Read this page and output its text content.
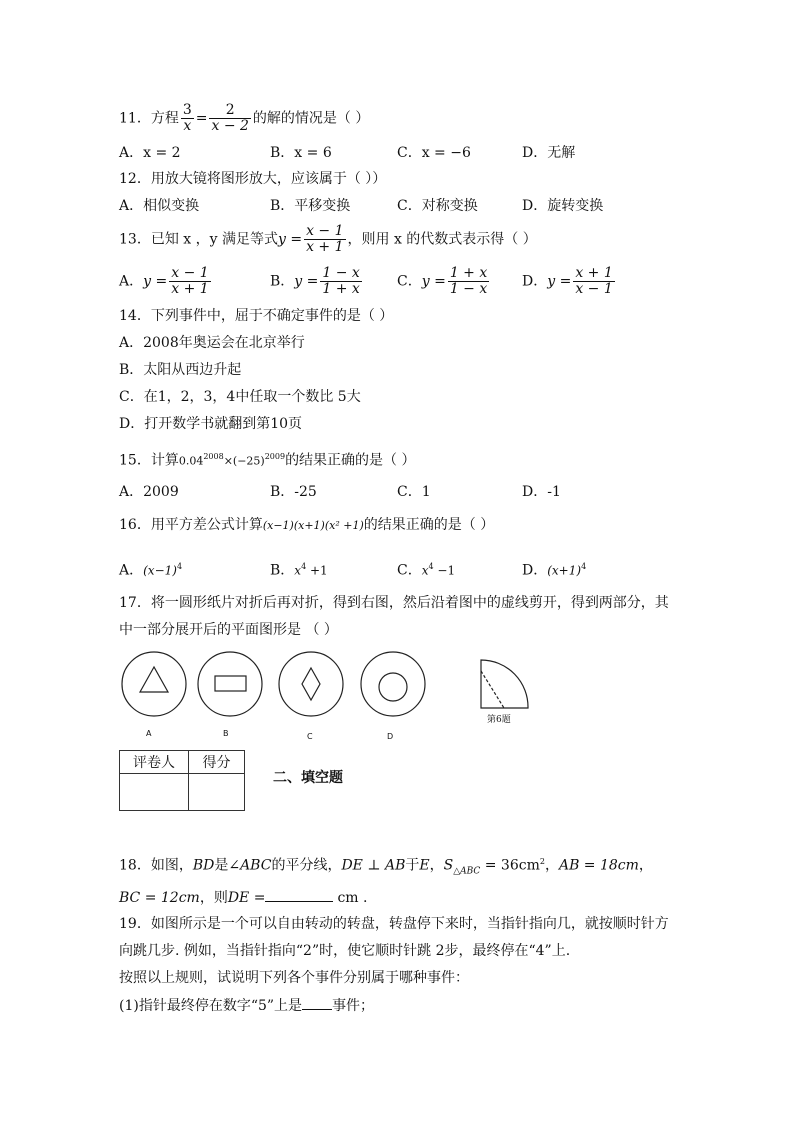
11．方程 $\frac{3}{x} = \frac{2}{x - 2}$ 的解的情况是（ ）
A．x = 2	B．x = 6	C．x = −6	D．无解
12．用放大镜将图形放大，应该属于（ ））
A．相似变换	B．平移变换	C．对称变换	D．旋转变换
13．已知 x ，y 满足等式$y = \frac{x - 1}{x + 1}$ ，则用 x 的代数式表示得（ ）
A．$y = \frac{x - 1}{x + 1}$	B．$y = \frac{1 - x}{1 + x}$	C．$y = \frac{1 + x}{1 - x}$ D．$y = \frac{x + 1}{x - 1}$
14．下列事件中，屈于不确定事件的是（ ）
A．2008年奥运会在北京举行
B．太阳从西边升起
C．在1，2，3，4中任取一个数比 5大
D．打开数学书就翻到第10页
15．计算$0.04^{2008}\times(-25)^{2009}$的结果正确的是（ ）
A．2009	B．-25	C．1	D．-1
16．用平方差公式计算(x−1)(x+1)(x² +1)的结果正确的是（ ）
A．$(x-1)^4$	B．$x^4 +1$	C．$x^4 -1$	D．$(x+1)^4$
17．将一圆形纸片对折后再对折，得到右图，然后沿着图中的虚线剪开，得到两部分，其
中一部分展开后的平面图形是 （ ）
A	B	C	D
第6题
评卷人	得分

二、填空题
18．如图，BD是∠ABC的平分线，DE ⊥ AB于E，$S_{\triangle ABC} = 36cm^2$，AB = 18cm，
BC = 12cm，则DE =	cm .
19．如图所示是一个可以自由转动的转盘，转盘停下来时，当指针指向几，就按顺时针方
向跳几步. 例如，当指针指向“2”时，使它顺时针跳 2步，最终停在“4”上.
按照以上规则，试说明下列各个事件分别属于哪种事件：
(1)指针最终停在数字“5”上是 事件；
